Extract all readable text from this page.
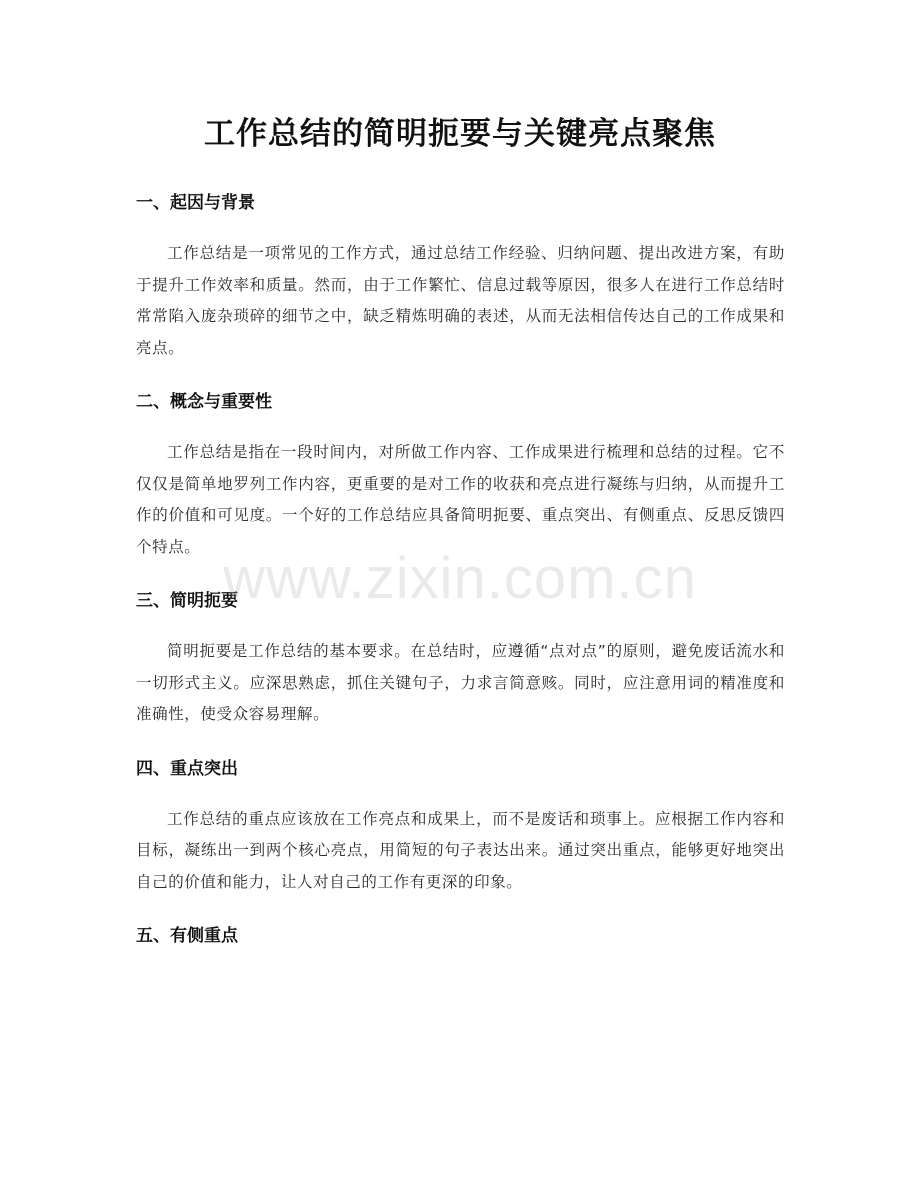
工作总结的简明扼要与关键亮点聚焦
一、起因与背景

工作总结是一项常见的工作方式，通过总结工作经验、归纳问题、提出改进方案，有助于提升工作效率和质量。然而，由于工作繁忙、信息过载等原因，很多人在进行工作总结时常常陷入庞杂琐碎的细节之中，缺乏精炼明确的表述，从而无法相信传达自己的工作成果和亮点。

二、概念与重要性

工作总结是指在一段时间内，对所做工作内容、工作成果进行梳理和总结的过程。它不仅仅是简单地罗列工作内容，更重要的是对工作的收获和亮点进行凝练与归纳，从而提升工作的价值和可见度。一个好的工作总结应具备简明扼要、重点突出、有侧重点、反思反馈四个特点。

三、简明扼要

简明扼要是工作总结的基本要求。在总结时，应遵循“点对点”的原则，避免废话流水和一切形式主义。应深思熟虑，抓住关键句子，力求言简意赅。同时，应注意用词的精准度和准确性，使受众容易理解。

四、重点突出

工作总结的重点应该放在工作亮点和成果上，而不是废话和琐事上。应根据工作内容和目标，凝练出一到两个核心亮点，用简短的句子表达出来。通过突出重点，能够更好地突出自己的价值和能力，让人对自己的工作有更深的印象。

五、有侧重点
www.zixin.com.cn
